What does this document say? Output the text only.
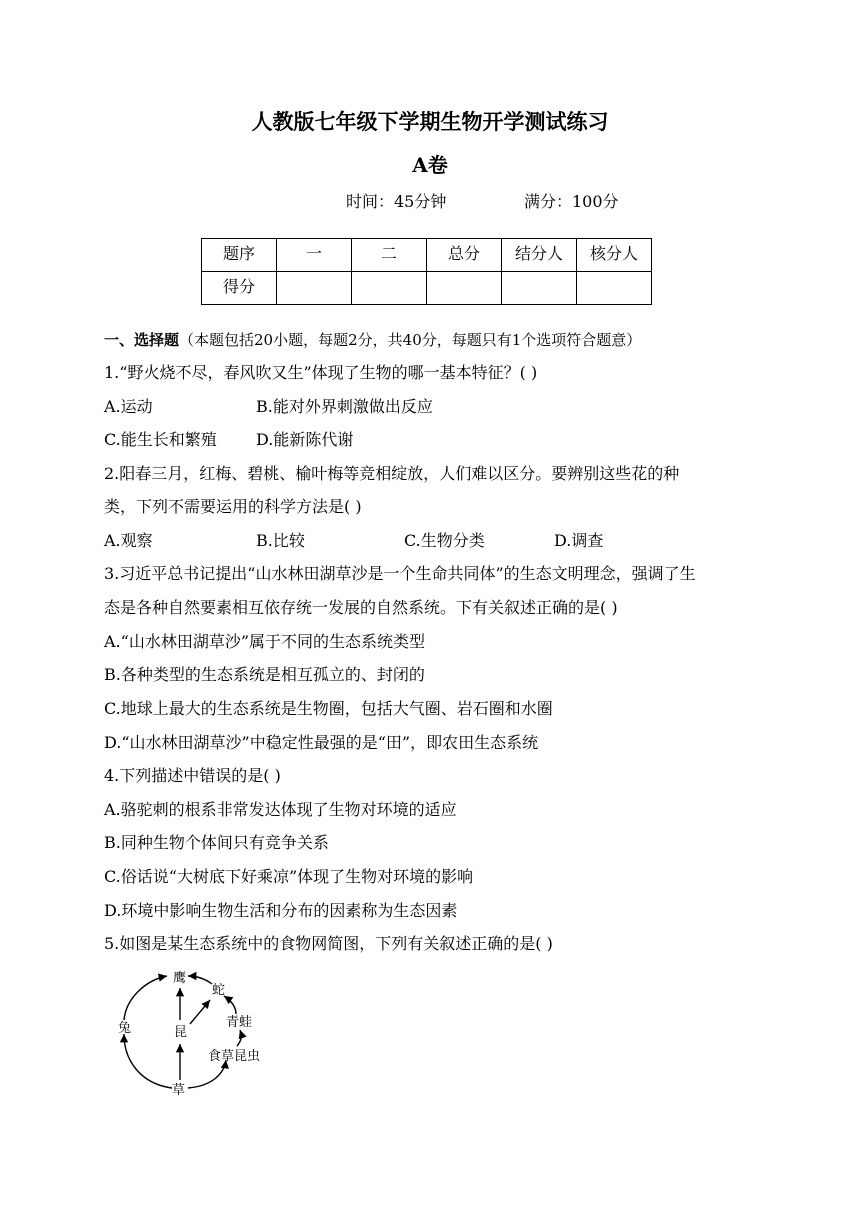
人教版七年级下学期生物开学测试练习
A卷
时间：45分钟	满分：100分
题序	一	二	总分	结分人	核分人
得分					
一、选择题（本题包括20小题，每题2分，共40分，每题只有1个选项符合题意）
1.“野火烧不尽，春风吹又生”体现了生物的哪一基本特征？( )
A.运动	B.能对外界刺激做出反应
C.能生长和繁殖 D.能新陈代谢
2.阳春三月，红梅、碧桃、榆叶梅等竞相绽放，人们难以区分。要辨别这些花的种
类，下列不需要运用的科学方法是( )
A.观察	B.比较	C.生物分类	D.调查
3.习近平总书记提出“山水林田湖草沙是一个生命共同体”的生态文明理念，强调了生
态是各种自然要素相互依存统一发展的自然系统。下有关叙述正确的是( )
A.“山水林田湖草沙”属于不同的生态系统类型
B.各种类型的生态系统是相互孤立的、封闭的
C.地球上最大的生态系统是生物圈，包括大气圈、岩石圈和水圈
D.“山水林田湖草沙”中稳定性最强的是“田”，即农田生态系统
4.下列描述中错误的是( )
A.骆驼刺的根系非常发达体现了生物对环境的适应
B.同种生物个体间只有竞争关系
C.俗话说“大树底下好乘凉”体现了生物对环境的影响
D.环境中影响生物生活和分布的因素称为生态因素
5.如图是某生态系统中的食物网简图，下列有关叙述正确的是( )
鹰
蛇
兔	昆
青蛙
食草昆虫
草
